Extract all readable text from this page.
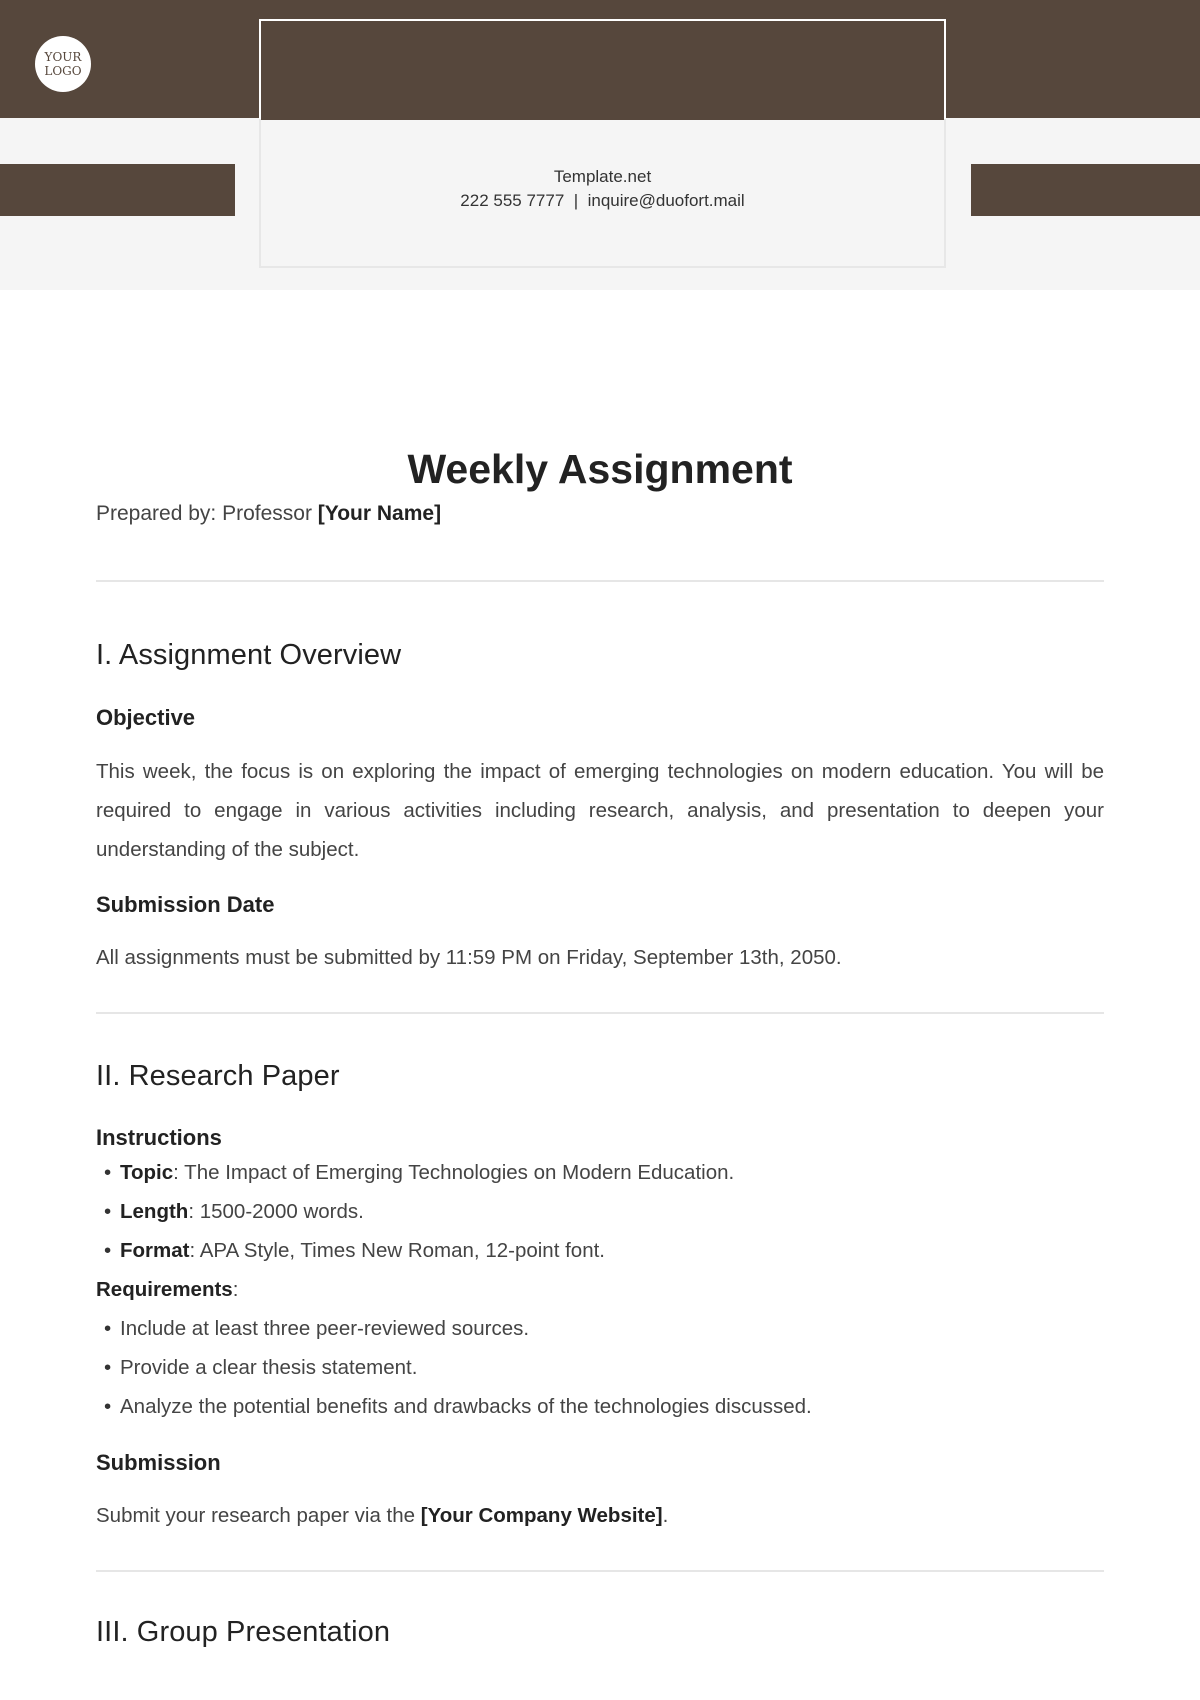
YOUR LOGO
Template.net
222 555 7777  |  inquire@duofort.mail
Weekly Assignment

Prepared by: Professor [Your Name]

I. Assignment Overview
Objective

This week, the focus is on exploring the impact of emerging technologies on modern education. You will be required to engage in various activities including research, analysis, and presentation to deepen your understanding of the subject.

Submission Date

All assignments must be submitted by 11:59 PM on Friday, September 13th, 2050.

II. Research Paper
Instructions
• Topic: The Impact of Emerging Technologies on Modern Education.
• Length: 1500-2000 words.
• Format: APA Style, Times New Roman, 12-point font.

Requirements:

• Include at least three peer-reviewed sources.
• Provide a clear thesis statement.
• Analyze the potential benefits and drawbacks of the technologies discussed.
Submission

Submit your research paper via the [Your Company Website].

III. Group Presentation
